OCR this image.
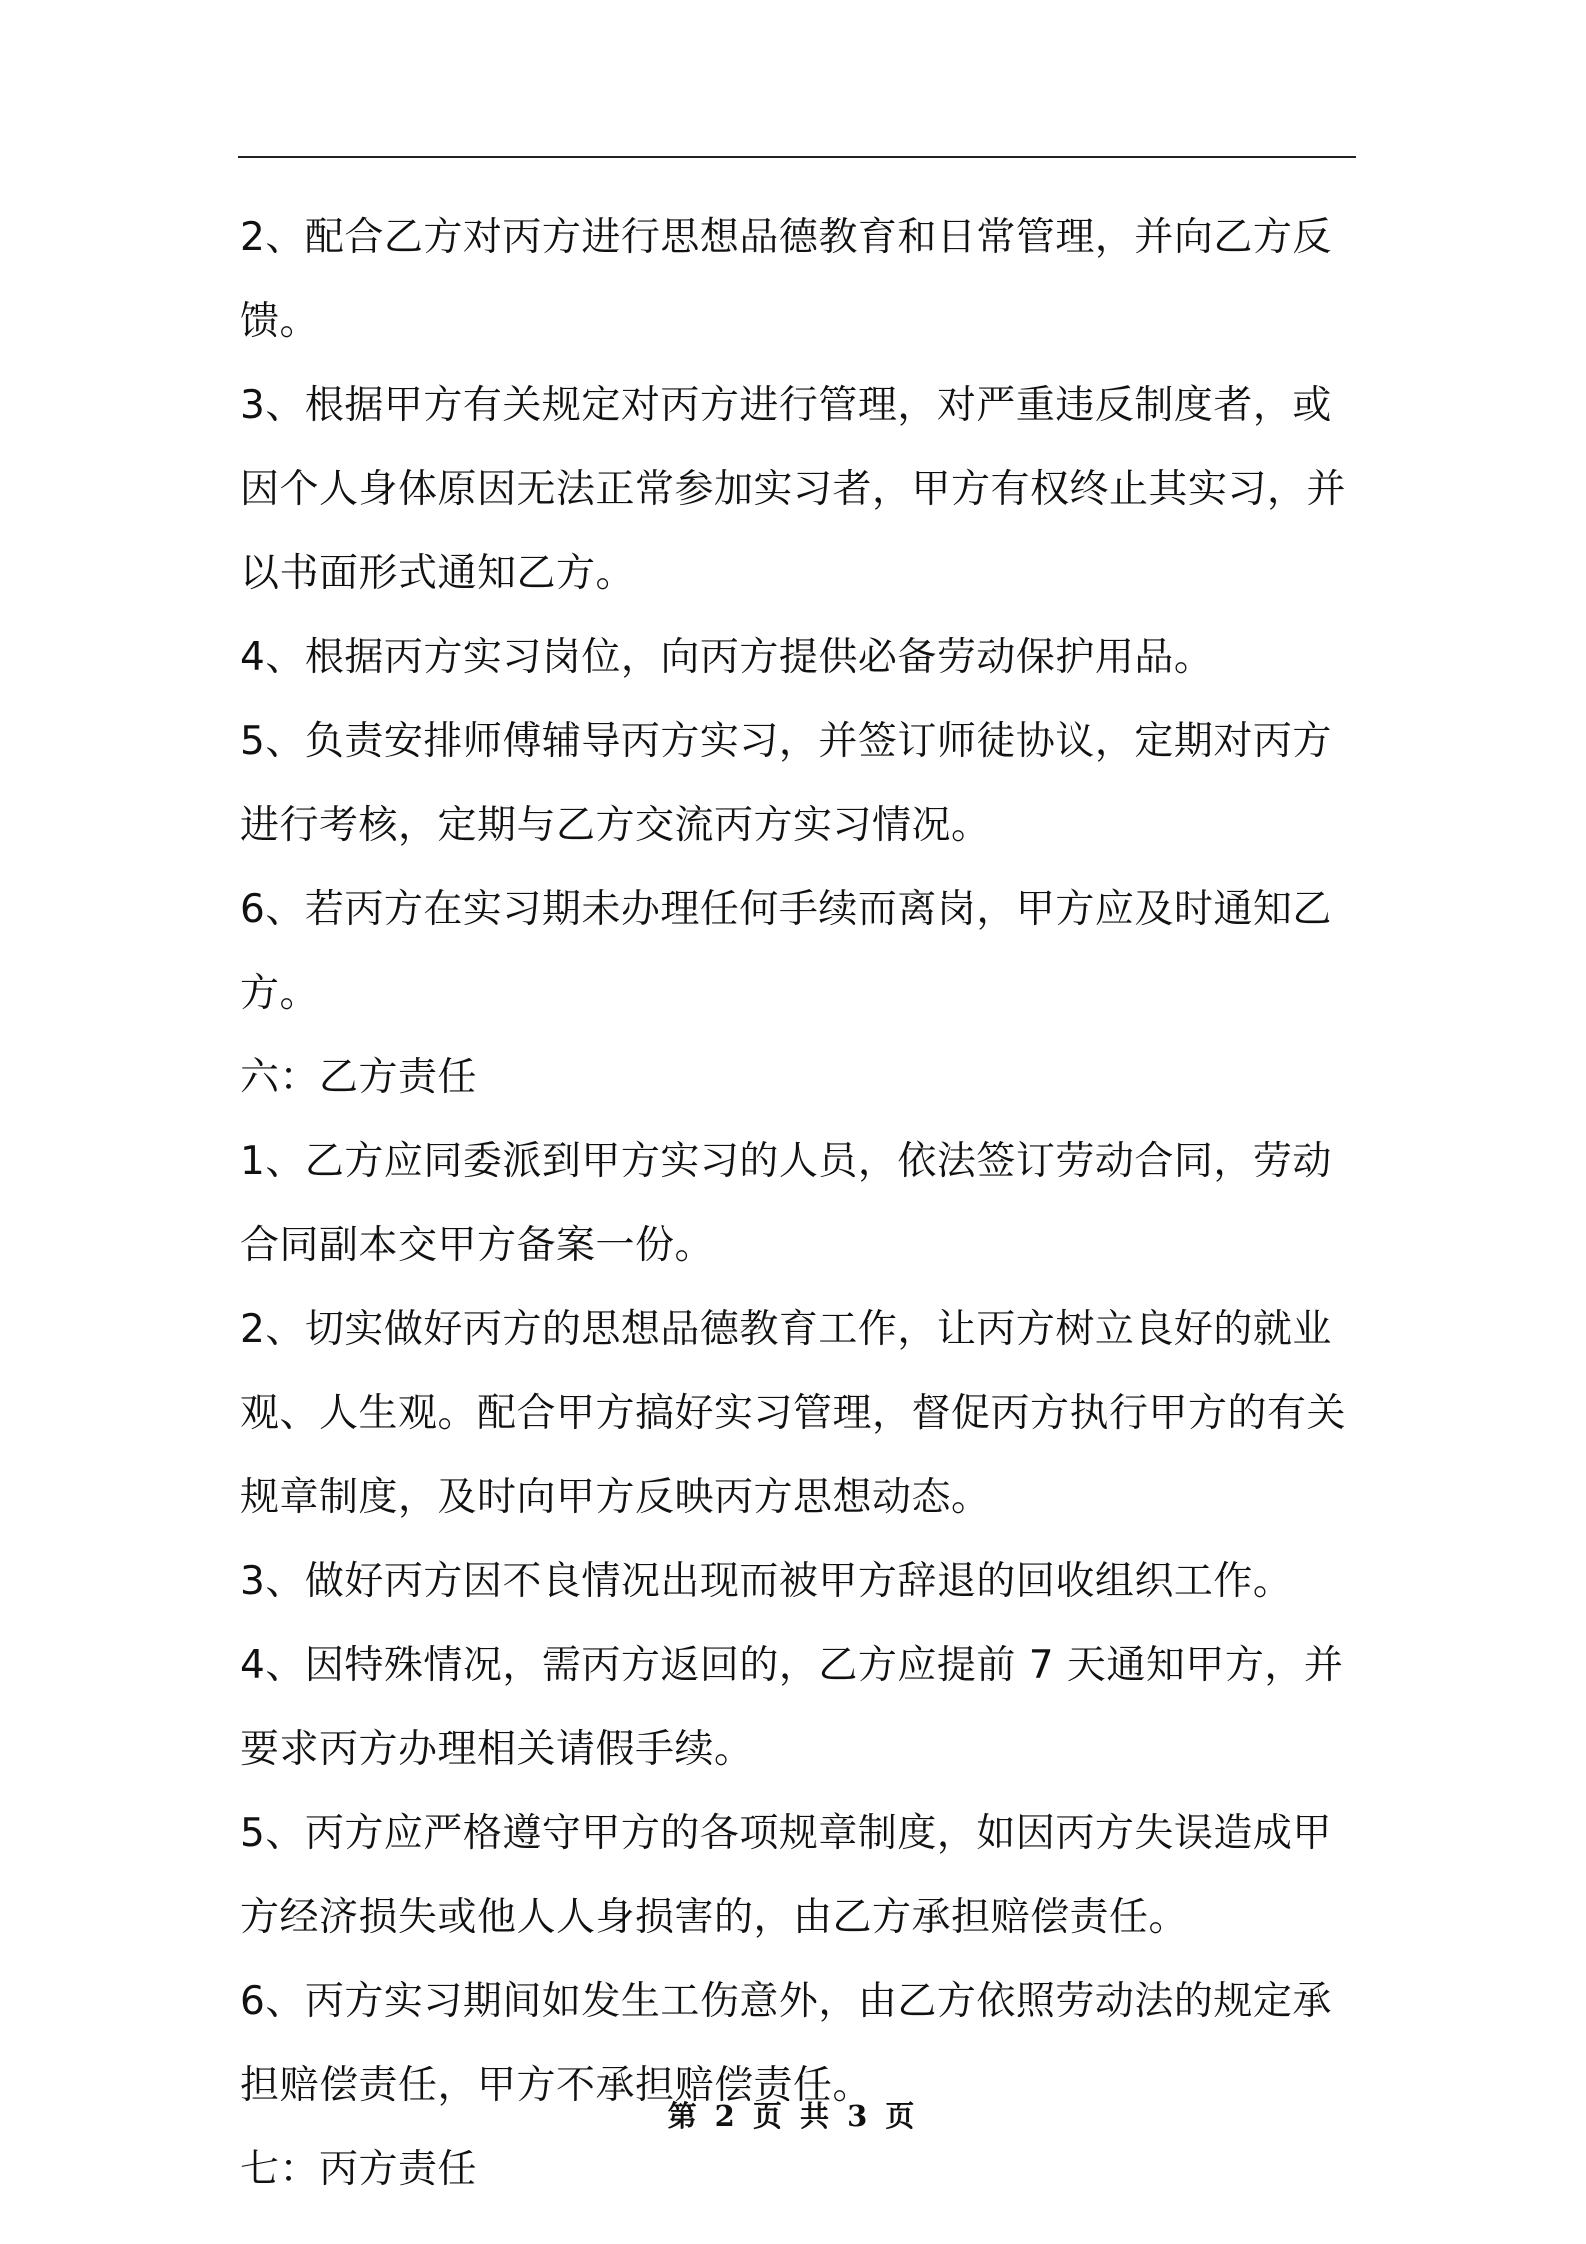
2、配合乙方对丙方进行思想品德教育和日常管理，并向乙方反馈。

3、根据甲方有关规定对丙方进行管理，对严重违反制度者，或因个人身体原因无法正常参加实习者，甲方有权终止其实习，并以书面形式通知乙方。

4、根据丙方实习岗位，向丙方提供必备劳动保护用品。

5、负责安排师傅辅导丙方实习，并签订师徒协议，定期对丙方进行考核，定期与乙方交流丙方实习情况。

6、若丙方在实习期未办理任何手续而离岗，甲方应及时通知乙方。

六：乙方责任

1、乙方应同委派到甲方实习的人员，依法签订劳动合同，劳动合同副本交甲方备案一份。

2、切实做好丙方的思想品德教育工作，让丙方树立良好的就业观、人生观。配合甲方搞好实习管理，督促丙方执行甲方的有关规章制度，及时向甲方反映丙方思想动态。

3、做好丙方因不良情况出现而被甲方辞退的回收组织工作。

4、因特殊情况，需丙方返回的，乙方应提前 7 天通知甲方，并要求丙方办理相关请假手续。

5、丙方应严格遵守甲方的各项规章制度，如因丙方失误造成甲方经济损失或他人人身损害的，由乙方承担赔偿责任。

6、丙方实习期间如发生工伤意外，由乙方依照劳动法的规定承担赔偿责任，甲方不承担赔偿责任。

七：丙方责任

第 2 页 共 3 页
